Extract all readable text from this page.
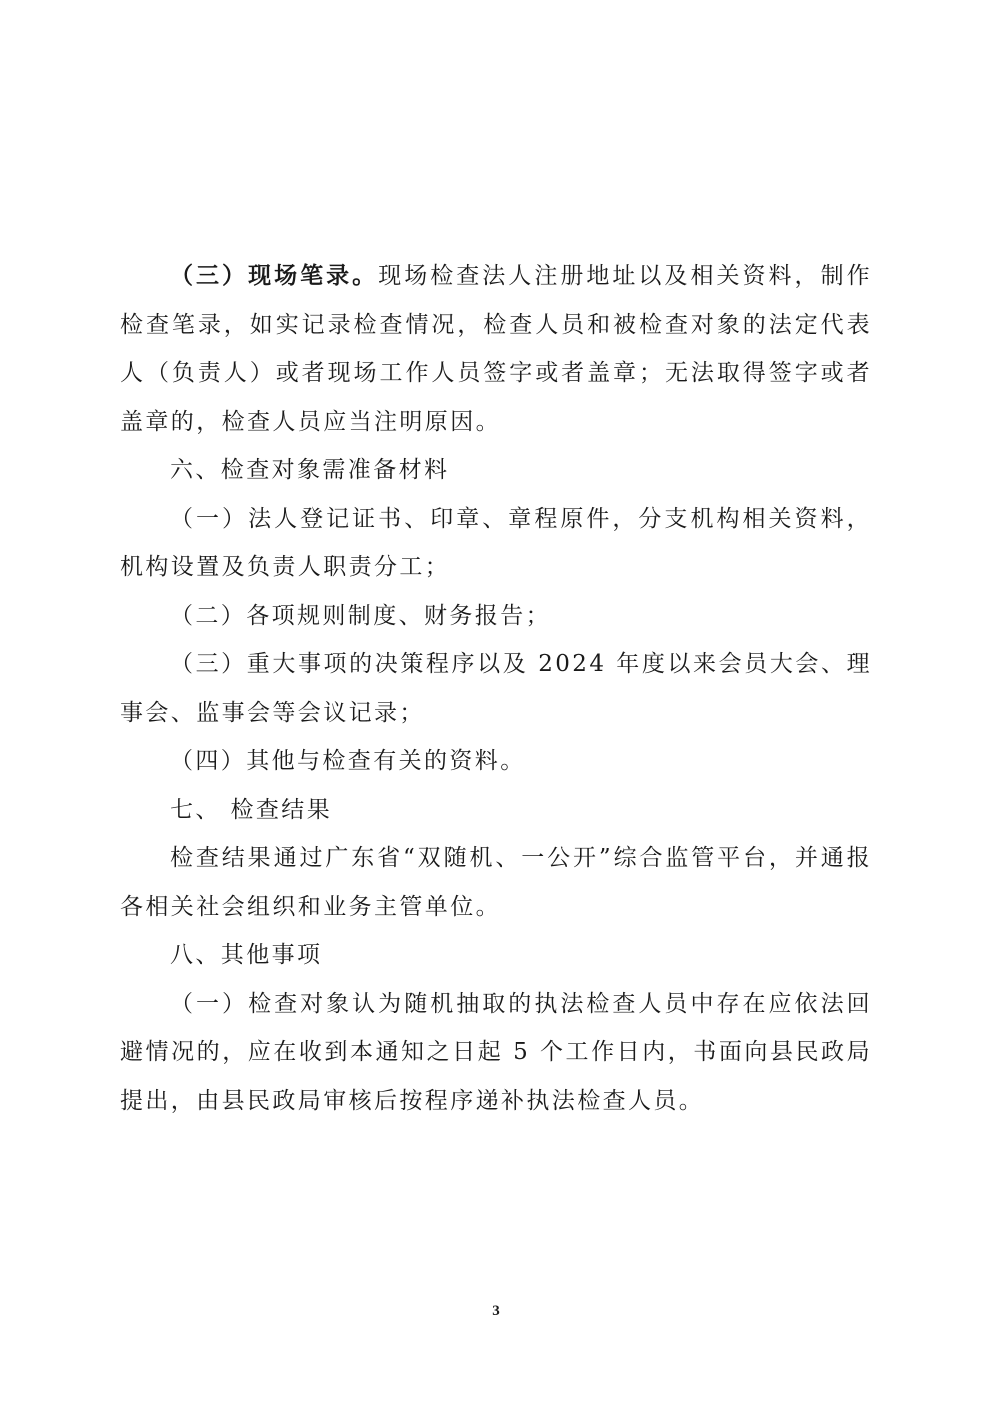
（三）现场笔录。现场检查法人注册地址以及相关资料，制作检查笔录，如实记录检查情况，检查人员和被检查对象的法定代表人（负责人）或者现场工作人员签字或者盖章；无法取得签字或者盖章的，检查人员应当注明原因。

六、检查对象需准备材料

（一）法人登记证书、印章、章程原件，分支机构相关资料，机构设置及负责人职责分工；

（二）各项规则制度、财务报告；

（三）重大事项的决策程序以及 2024 年度以来会员大会、理事会、监事会等会议记录；

（四）其他与检查有关的资料。

七、 检查结果

检查结果通过广东省“双随机、一公开”综合监管平台，并通报各相关社会组织和业务主管单位。

八、其他事项

（一）检查对象认为随机抽取的执法检查人员中存在应依法回避情况的，应在收到本通知之日起 5 个工作日内，书面向县民政局提出，由县民政局审核后按程序递补执法检查人员。

3
